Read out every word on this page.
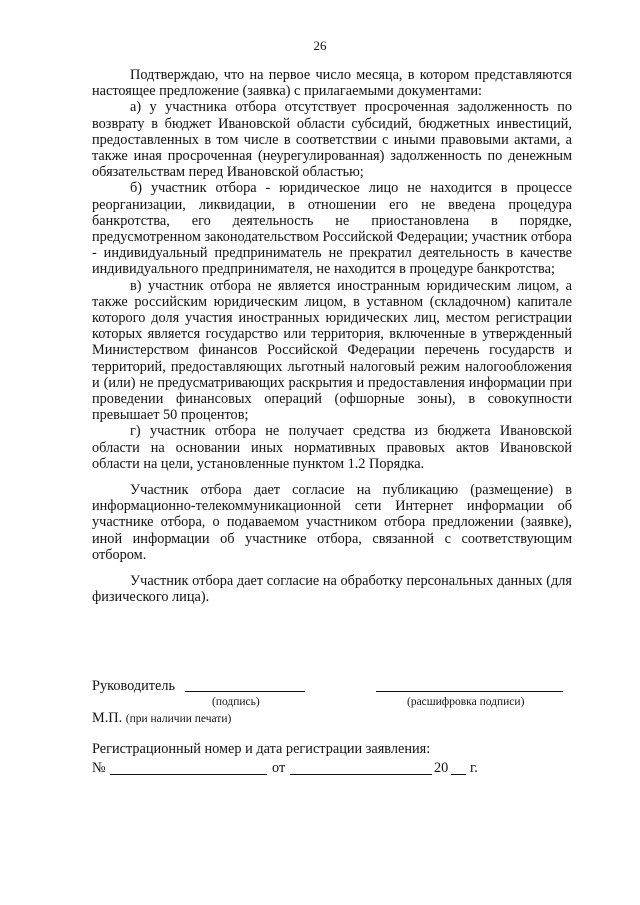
26

Подтверждаю, что на первое число месяца, в котором представляются настоящее предложение (заявка) с прилагаемыми документами:

а) у участника отбора отсутствует просроченная задолженность по возврату в бюджет Ивановской области субсидий, бюджетных инвестиций, предоставленных в том числе в соответствии с иными правовыми актами, а также иная просроченная (неурегулированная) задолженность по денежным обязательствам перед Ивановской областью;

б) участник отбора - юридическое лицо не находится в процессе реорганизации, ликвидации, в отношении его не введена процедура банкротства, его деятельность не приостановлена в порядке, предусмотренном законодательством Российской Федерации; участник отбора - индивидуальный предприниматель не прекратил деятельность в качестве индивидуального предпринимателя, не находится в процедуре банкротства;

в) участник отбора не является иностранным юридическим лицом, а также российским юридическим лицом, в уставном (складочном) капитале которого доля участия иностранных юридических лиц, местом регистрации которых является государство или территория, включенные в утвержденный Министерством финансов Российской Федерации перечень государств и территорий, предоставляющих льготный налоговый режим налогообложения и (или) не предусматривающих раскрытия и предоставления информации при проведении финансовых операций (офшорные зоны), в совокупности превышает 50 процентов;

г) участник отбора не получает средства из бюджета Ивановской области на основании иных нормативных правовых актов Ивановской области на цели, установленные пунктом 1.2 Порядка.

Участник отбора дает согласие на публикацию (размещение) в информационно-телекоммуникационной сети Интернет информации об участнике отбора, о подаваемом участником отбора предложении (заявке), иной информации об участнике отбора, связанной с соответствующим отбором.

Участник отбора дает согласие на обработку персональных данных (для физического лица).

Руководитель
(подпись)	(расшифровка подписи)
М.П. (при наличии печати)
Регистрационный номер и дата регистрации заявления:
№	от	20 г.
